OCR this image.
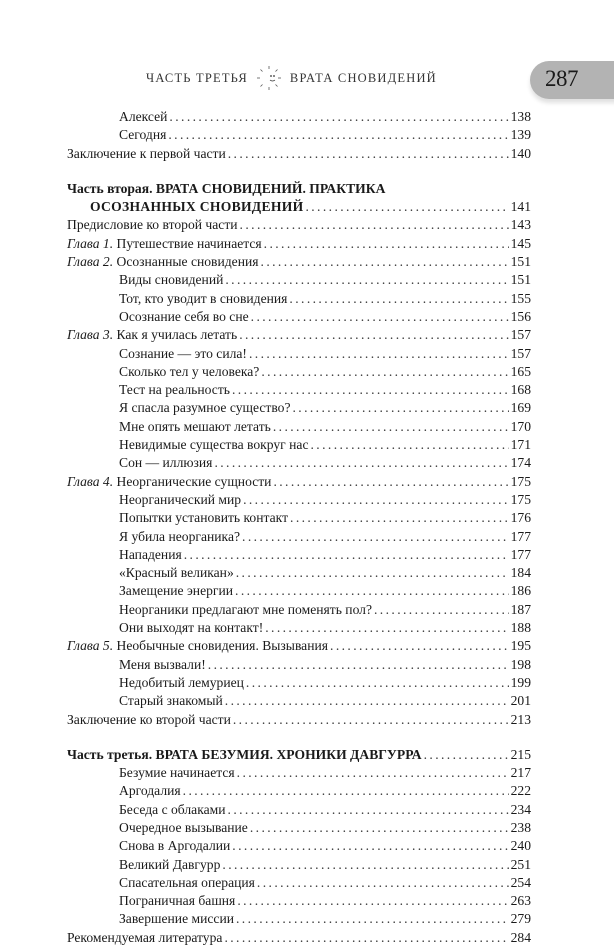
ЧАСТЬ ТРЕТЬЯ	ВРАТА СНОВИДЕНИЙ	287
Алексей . . .	138
Сегодня . . .	139
Заключение к первой части . . .	140
Часть вторая. ВРАТА СНОВИДЕНИЙ. ПРАКТИКА
ОСОЗНАННЫХ СНОВИДЕНИЙ . . .	141
Предисловие ко второй части . . .	143
Глава 1. Путешествие начинается . . .	145
Глава 2. Осознанные сновидения . . .	151
Виды сновидений . . .	151
Тот, кто уводит в сновидения . . .	155
Осознание себя во сне . . .	156
Глава 3. Как я училась летать . . .	157
Сознание — это сила! . . .	157
Сколько тел у человека? . . .	165
Тест на реальность . . .	168
Я спасла разумное существо? . . .	169
Мне опять мешают летать . . .	170
Невидимые существа вокруг нас . . .	171
Сон — иллюзия . . .	174
Глава 4. Неорганические сущности . . .	175
Неорганический мир . . .	175
Попытки установить контакт . . .	176
Я убила неорганика? . . .	177
Нападения . . .	177
«Красный великан» . . .	184
Замещение энергии . . .	186
Неорганики предлагают мне поменять пол? . . .	187
Они выходят на контакт! . . .	188
Глава 5. Необычные сновидения. Вызывания . . .	195
Меня вызвали! . . .	198
Недобитый лемуриец . . .	199
Старый знакомый . . .	201
Заключение ко второй части . . .	213
Часть третья. ВРАТА БЕЗУМИЯ. ХРОНИКИ ДАВГУРРА . . .	215
Безумие начинается . . .	217
Аргодалия . . .	222
Беседа с облаками . . .	234
Очередное вызывание . . .	238
Снова в Аргодалии . . .	240
Великий Давгурр . . .	251
Спасательная операция . . .	254
Пограничная башня . . .	263
Завершение миссии . . .	279
Рекомендуемая литература . . .	284
